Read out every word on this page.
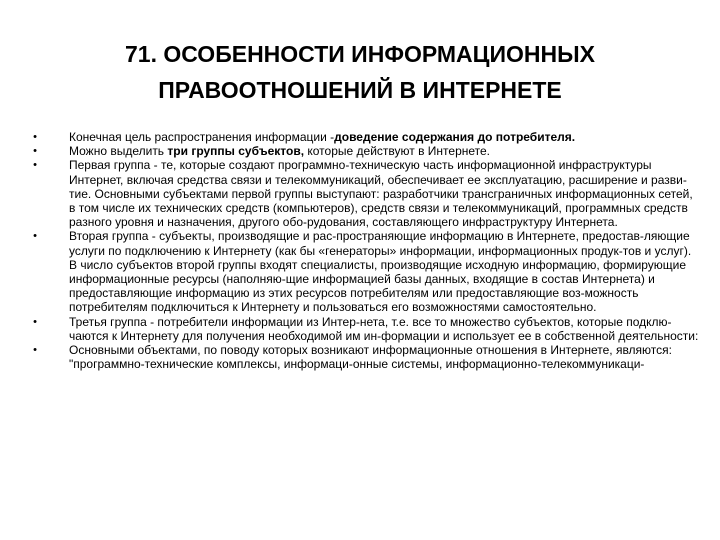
71. ОСОБЕННОСТИ ИНФОРМАЦИОННЫХ
ПРАВООТНОШЕНИЙ В ИНТЕРНЕТЕ
•	Конечная цель распространения информации -доведение содержания до потребителя.
•	Можно выделить три группы субъектов, которые действуют в Интернете.
•	Первая группа - те, которые создают программно-техническую часть информационной инфраструктуры Интернет, включая средства связи и телекоммуникаций, обеспечивает ее эксплуатацию, расширение и разви-тие. Основными субъектами первой группы выступают: разработчики трансграничных информационных сетей, в том числе их технических средств (компьютеров), средств связи и телекоммуникаций, программных средств разного уровня и назначения, другого обо-рудования, составляющего инфраструктуру Интернета.
•	Вторая группа - субъекты, производящие и рас-пространяющие информацию в Интернете, предостав-ляющие услуги по подключению к Интернету (как бы «генераторы» информации, информационных продук-тов и услуг). В число субъектов второй группы входят специалисты, производящие исходную информацию, формирующие информационные ресурсы (наполняю-щие информацией базы данных, входящие в состав Интернета) и предоставляющие информацию из этих ресурсов потребителям или предоставляющие воз-можность потребителям подключиться к Интернету и пользоваться его возможностями самостоятельно.
•	Третья группа - потребители информации из Интер-нета, т.е. все то множество субъектов, которые подклю-чаются к Интернету для получения необходимой им ин-формации и использует ее в собственной деятельности:
•	Основными объектами, по поводу которых возникают информационные отношения в Интернете, являются: "программно-технические комплексы, информаци-онные системы, информационно-телекоммуникаци-
